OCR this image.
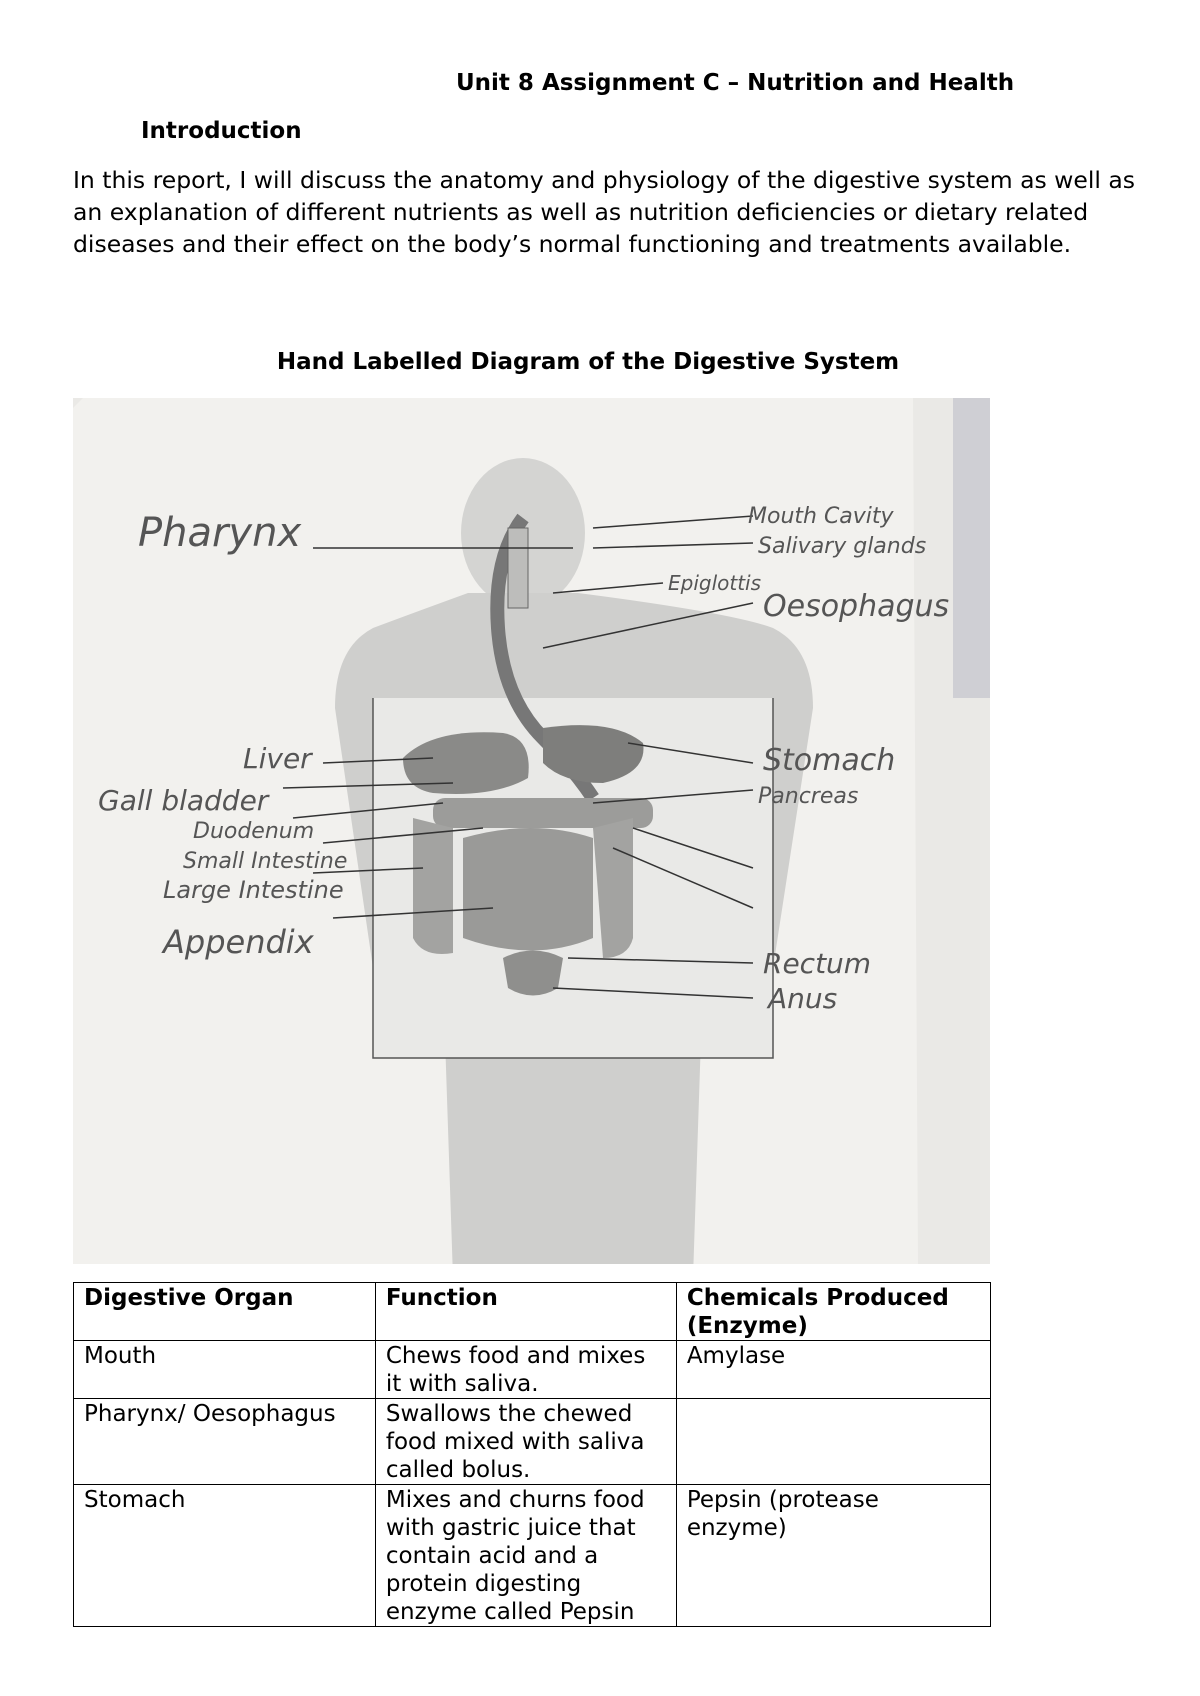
Unit 8 Assignment C – Nutrition and Health
Introduction
In this report, I will discuss the anatomy and physiology of the digestive system as well as an explanation of different nutrients as well as nutrition deficiencies or dietary related diseases and their effect on the body’s normal functioning and treatments available.
Hand Labelled Diagram of the Digestive System
Pharynx
Liver
Gall bladder
Duodenum
Small Intestine
Large Intestine
Appendix
Mouth Cavity
Salivary glands
Epiglottis
Oesophagus
Stomach
Pancreas
Rectum
Anus
Digestive Organ	Function	Chemicals Produced (Enzyme)
Mouth	Chews food and mixes it with saliva.	Amylase
Pharynx/ Oesophagus	Swallows the chewed food mixed with saliva called bolus.	
Stomach	Mixes and churns food with gastric juice that contain acid and a protein digesting enzyme called Pepsin	Pepsin (protease enzyme)
